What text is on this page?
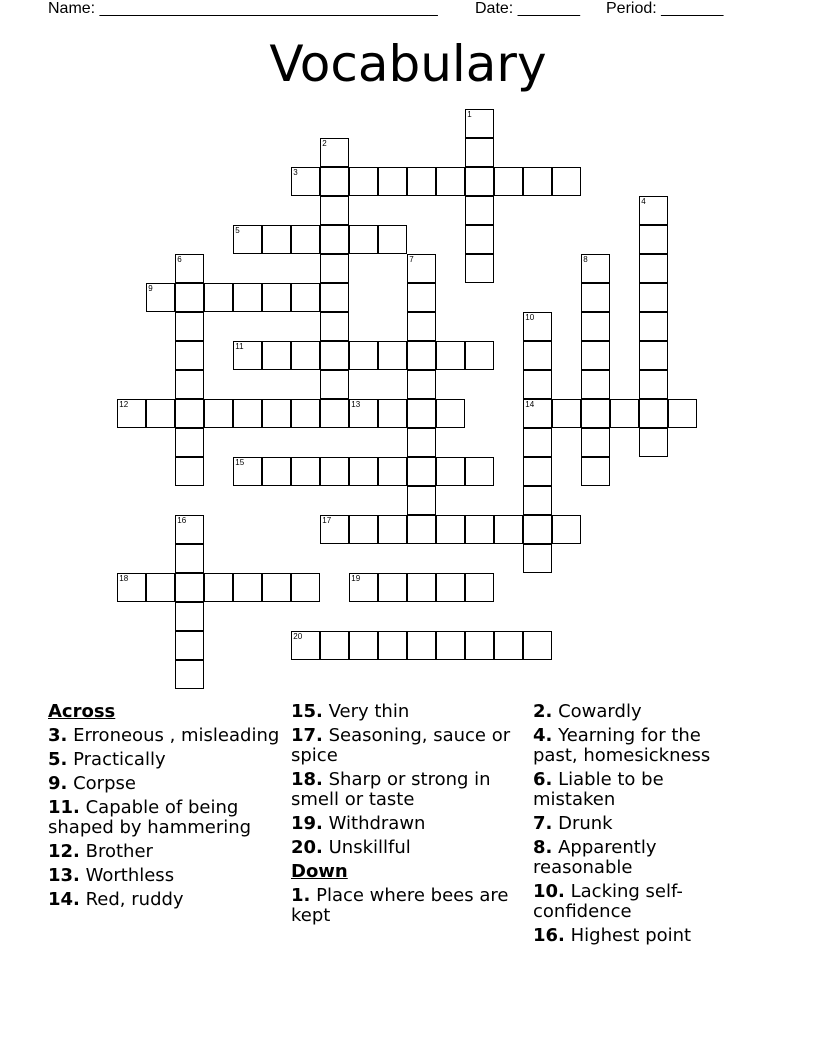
Name: ______________________________________

Date: _______

Period: _______

Vocabulary
1
2
3
4
5
6	7	8
9
10
14
11
12	13
15
16	17
18	19
20
Across
3. Erroneous , misleading
5. Practically
9. Corpse
11. Capable of being shaped by hammering
12. Brother
13. Worthless
14. Red, ruddy
15. Very thin
17. Seasoning, sauce or spice
18. Sharp or strong in smell or taste
19. Withdrawn
20. Unskillful
Down
1. Place where bees are kept
2. Cowardly
4. Yearning for the past, homesickness
6. Liable to be mistaken
7. Drunk
8. Apparently reasonable
10. Lacking self-confidence
16. Highest point
